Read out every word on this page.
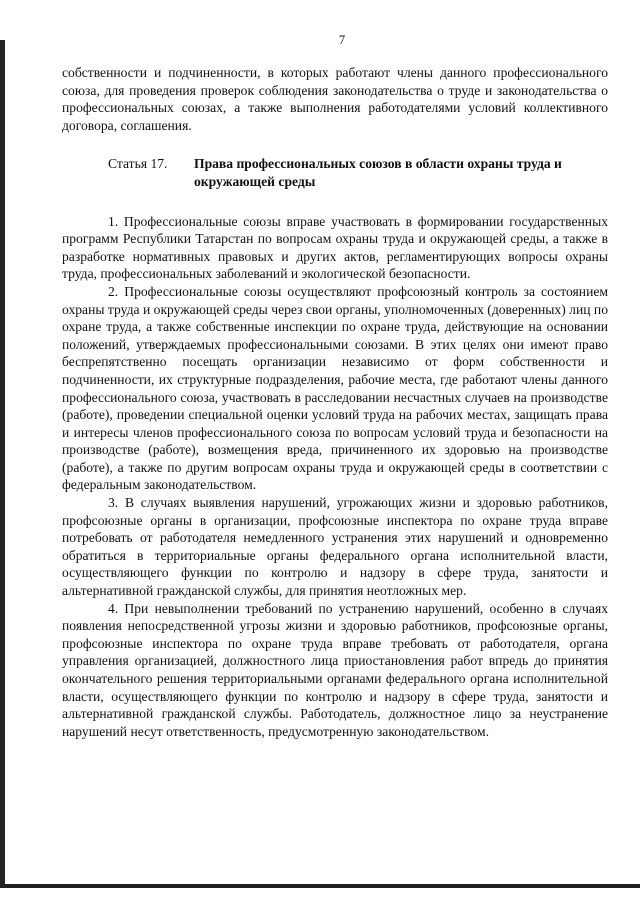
7

собственности и подчиненности, в которых работают члены данного профессионального союза, для проведения проверок соблюдения законодательства о труде и законодательства о профессиональных союзах, а также выполнения работодателями условий коллективного договора, соглашения.

Статья 17.	Права профессиональных союзов в области охраны труда и окружающей среды

1. Профессиональные союзы вправе участвовать в формировании государственных программ Республики Татарстан по вопросам охраны труда и окружающей среды, а также в разработке нормативных правовых и других актов, регламентирующих вопросы охраны труда, профессиональных заболеваний и экологической безопасности.

2. Профессиональные союзы осуществляют профсоюзный контроль за состоянием охраны труда и окружающей среды через свои органы, уполномоченных (доверенных) лиц по охране труда, а также собственные инспекции по охране труда, действующие на основании положений, утверждаемых профессиональными союзами. В этих целях они имеют право беспрепятственно посещать организации независимо от форм собственности и подчиненности, их структурные подразделения, рабочие места, где работают члены данного профессионального союза, участвовать в расследовании несчастных случаев на производстве (работе), проведении специальной оценки условий труда на рабочих местах, защищать права и интересы членов профессионального союза по вопросам условий труда и безопасности на производстве (работе), возмещения вреда, причиненного их здоровью на производстве (работе), а также по другим вопросам охраны труда и окружающей среды в соответствии с федеральным законодательством.

3. В случаях выявления нарушений, угрожающих жизни и здоровью работников, профсоюзные органы в организации, профсоюзные инспектора по охране труда вправе потребовать от работодателя немедленного устранения этих нарушений и одновременно обратиться в территориальные органы федерального органа исполнительной власти, осуществляющего функции по контролю и надзору в сфере труда, занятости и альтернативной гражданской службы, для принятия неотложных мер.

4. При невыполнении требований по устранению нарушений, особенно в случаях появления непосредственной угрозы жизни и здоровью работников, профсоюзные органы, профсоюзные инспектора по охране труда вправе требовать от работодателя, органа управления организацией, должностного лица приостановления работ впредь до принятия окончательного решения территориальными органами федерального органа исполнительной власти, осуществляющего функции по контролю и надзору в сфере труда, занятости и альтернативной гражданской службы. Работодатель, должностное лицо за неустранение нарушений несут ответственность, предусмотренную законодательством.
